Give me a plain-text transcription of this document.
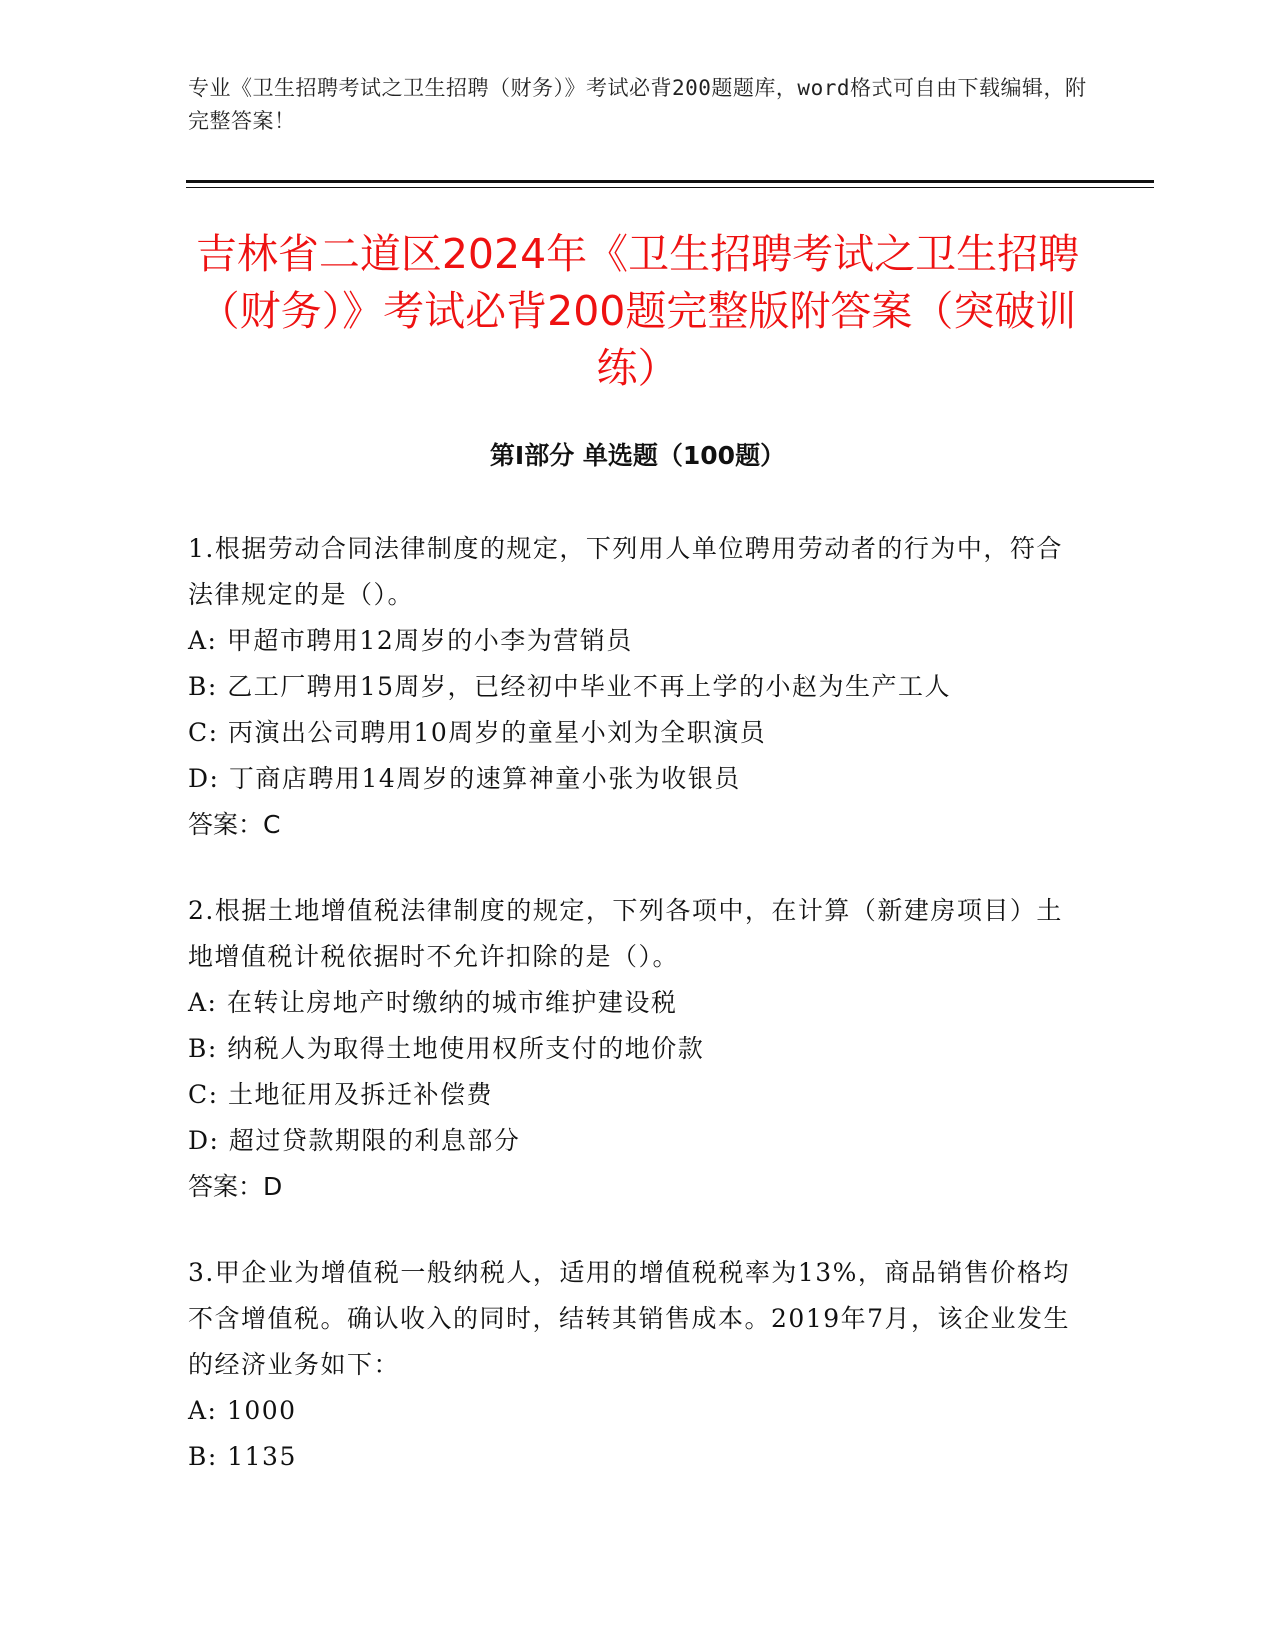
专业《卫生招聘考试之卫生招聘（财务）》考试必背200题题库，word格式可自由下载编辑，附完整答案！
吉林省二道区2024年《卫生招聘考试之卫生招聘（财务）》考试必背200题完整版附答案（突破训练）
第Ⅰ部分 单选题（100题）

1.根据劳动合同法律制度的规定，下列用人单位聘用劳动者的行为中，符合法律规定的是（）。

A: 甲超市聘用12周岁的小李为营销员

B: 乙工厂聘用15周岁，已经初中毕业不再上学的小赵为生产工人

C: 丙演出公司聘用10周岁的童星小刘为全职演员

D: 丁商店聘用14周岁的速算神童小张为收银员

答案：C

2.根据土地增值税法律制度的规定，下列各项中，在计算（新建房项目）土地增值税计税依据时不允许扣除的是（）。

A: 在转让房地产时缴纳的城市维护建设税

B: 纳税人为取得土地使用权所支付的地价款

C: 土地征用及拆迁补偿费

D: 超过贷款期限的利息部分

答案：D

3.甲企业为增值税一般纳税人，适用的增值税税率为13%，商品销售价格均不含增值税。确认收入的同时，结转其销售成本。2019年7月，该企业发生的经济业务如下：

A: 1000

B: 1135
